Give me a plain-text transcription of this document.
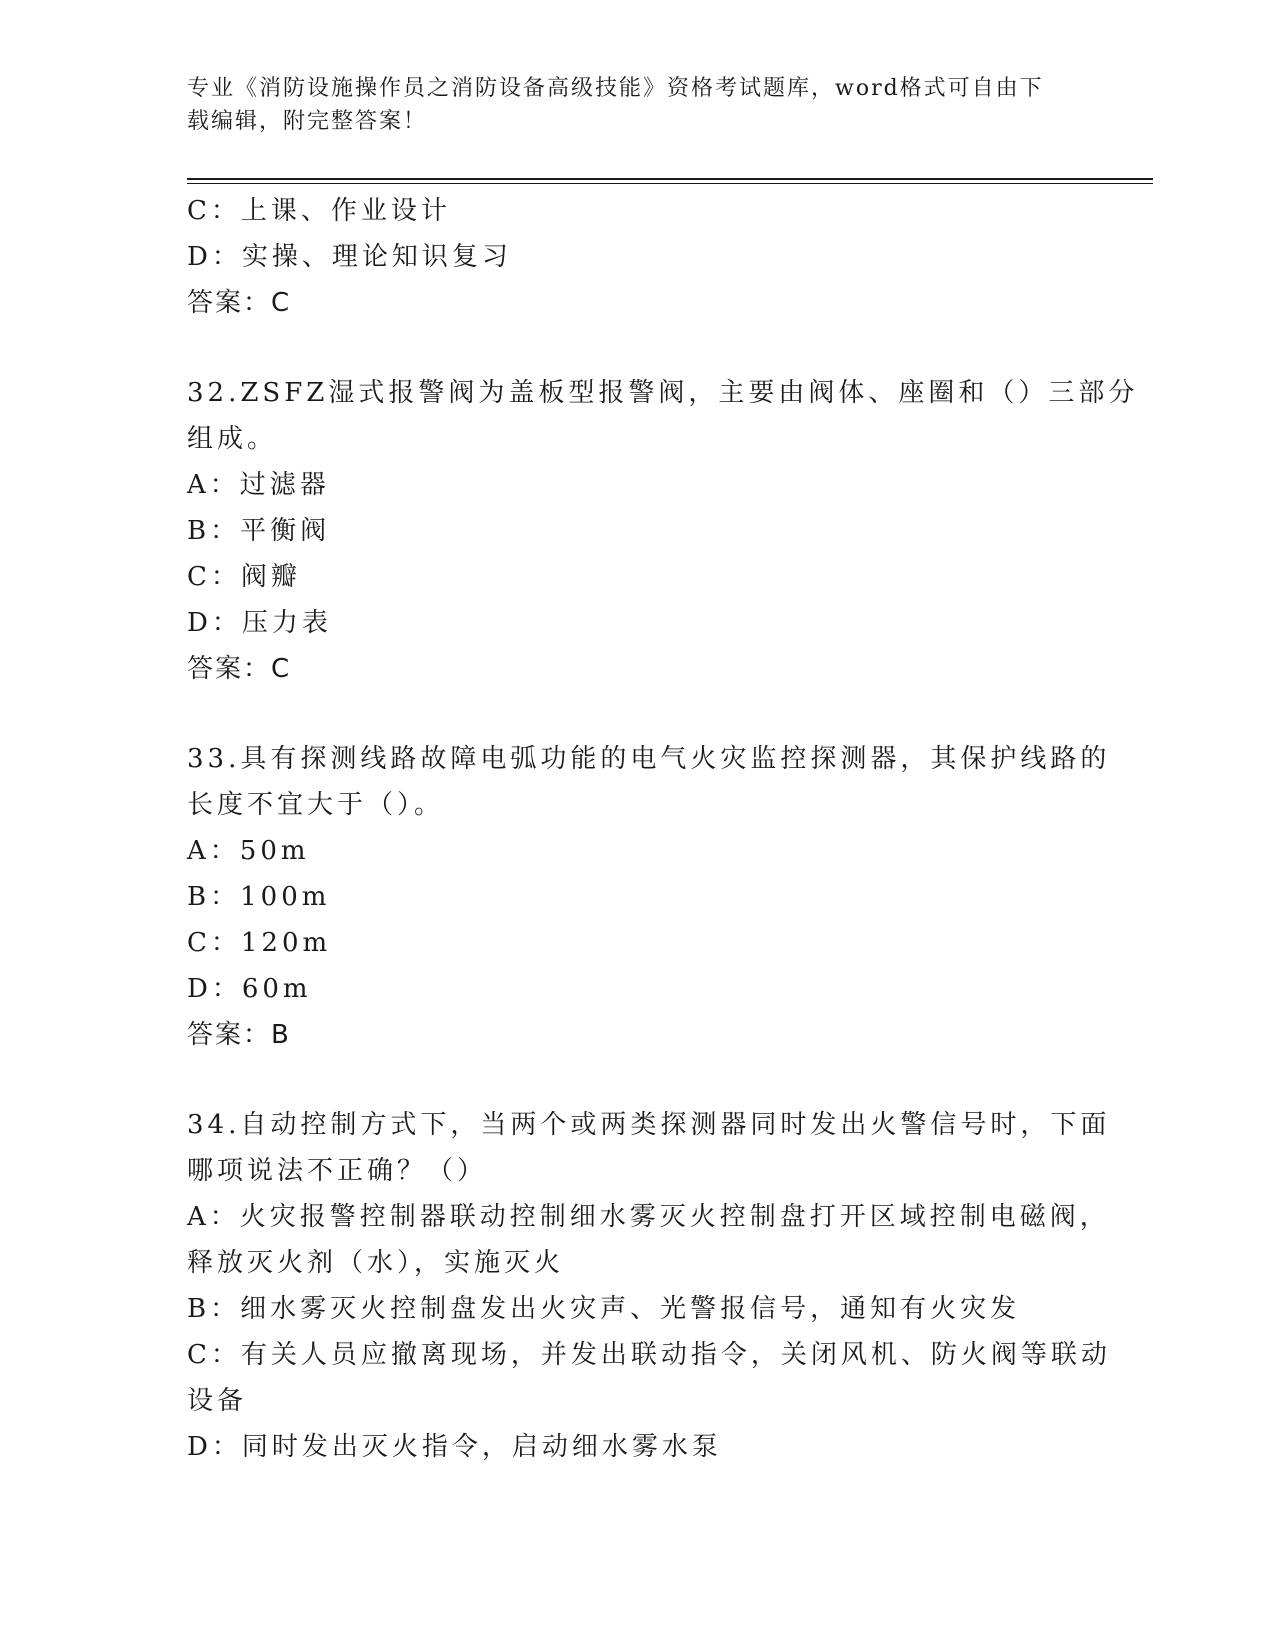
专业《消防设施操作员之消防设备高级技能》资格考试题库，word格式可自由下
载编辑，附完整答案！
C：上课、作业设计
D：实操、理论知识复习
答案：C
32.ZSFZ湿式报警阀为盖板型报警阀，主要由阀体、座圈和（）三部分
组成。
A：过滤器
B：平衡阀
C：阀瓣
D：压力表
答案：C
33.具有探测线路故障电弧功能的电气火灾监控探测器，其保护线路的
长度不宜大于（）。
A：50m
B：100m
C：120m
D：60m
答案：B
34.自动控制方式下，当两个或两类探测器同时发出火警信号时，下面
哪项说法不正确？（）
A：火灾报警控制器联动控制细水雾灭火控制盘打开区域控制电磁阀，
释放灭火剂（水），实施灭火
B：细水雾灭火控制盘发出火灾声、光警报信号，通知有火灾发
C：有关人员应撤离现场，并发出联动指令，关闭风机、防火阀等联动
设备
D：同时发出灭火指令，启动细水雾水泵
